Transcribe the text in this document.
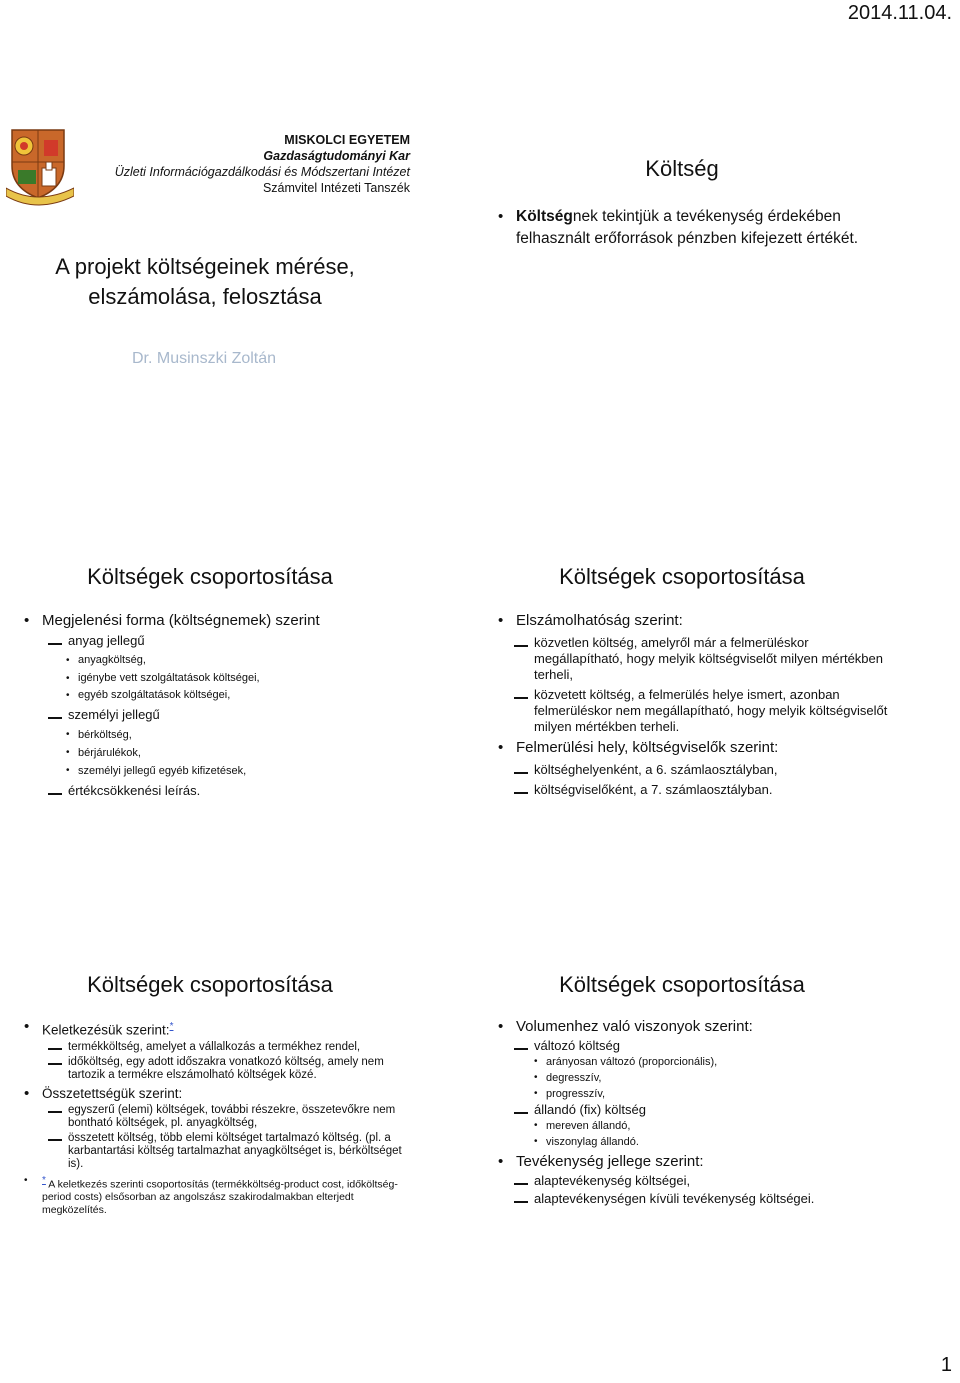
2014.11.04.
1
MISKOLCI EGYETEM
Gazdaságtudományi Kar
Üzleti Információgazdálkodási és Módszertani Intézet
Számvitel Intézeti Tanszék
A projekt költségeinek mérése,
elszámolása, felosztása
Dr. Musinszki Zoltán
Költség
• Költségnek tekintjük a tevékenység érdekében felhasznált erőforrások pénzben kifejezett értékét.
Költségek csoportosítása
• Megjelenési forma (költségnemek) szerint
anyag jellegű
• anyagköltség,
• igénybe vett szolgáltatások költségei,
• egyéb szolgáltatások költségei,
személyi jellegű
• bérköltség,
• bérjárulékok,
• személyi jellegű egyéb kifizetések,
értékcsökkenési leírás.
Költségek csoportosítása
• Elszámolhatóság szerint:
közvetlen költség, amelyről már a felmerüléskor megállapítható, hogy melyik költségviselőt milyen mértékben terheli,
közvetett költség, a felmerülés helye ismert, azonban felmerüléskor nem megállapítható, hogy melyik költségviselőt milyen mértékben terheli.
• Felmerülési hely, költségviselők szerint:
költséghelyenként, a 6. számlaosztályban,
költségviselőként, a 7. számlaosztályban.
Költségek csoportosítása
• Keletkezésük szerint:*
termékköltség, amelyet a vállalkozás a termékhez rendel,
időköltség, egy adott időszakra vonatkozó költség, amely nem tartozik a termékre elszámolható költségek közé.
• Összetettségük szerint:
egyszerű (elemi) költségek, további részekre, összetevőkre nem bontható költségek, pl. anyagköltség,
összetett költség, több elemi költséget tartalmazó költség. (pl. a karbantartási költség tartalmazhat anyagköltséget is, bérköltséget is).
• * A keletkezés szerinti csoportosítás (termékköltség-product cost, időköltség-period costs) elsősorban az angolszász szakirodalmakban elterjedt megközelítés.
Költségek csoportosítása
• Volumenhez való viszonyok szerint:
változó költség
• arányosan változó (proporcionális),
• degresszív,
• progresszív,
állandó (fix) költség
• mereven állandó,
• viszonylag állandó.
• Tevékenység jellege szerint:
alaptevékenység költségei,
alaptevékenységen kívüli tevékenység költségei.
